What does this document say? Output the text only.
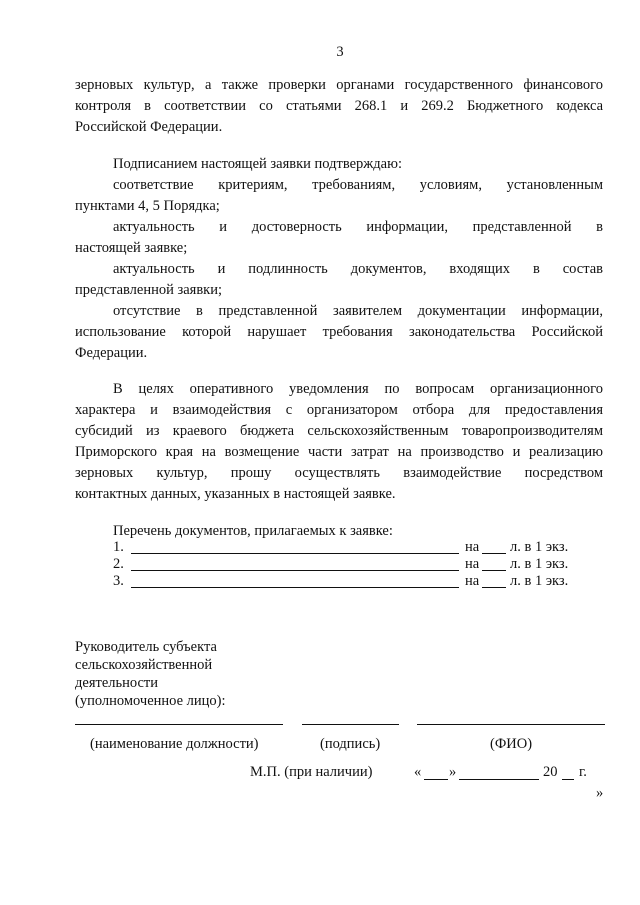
3
зерновых культур, а также проверки органами государственного финансового
контроля в соответствии со статьями 268.1 и 269.2 Бюджетного кодекса
Российской Федерации.
Подписанием настоящей заявки подтверждаю:
соответствие критериям, требованиям, условиям, установленным
пунктами 4, 5 Порядка;
актуальность и достоверность информации, представленной в
настоящей заявке;
актуальность и подлинность документов, входящих в состав
представленной заявки;
отсутствие в представленной заявителем документации информации,
использование которой нарушает требования законодательства Российской
Федерации.
В целях оперативного уведомления по вопросам организационного
характера и взаимодействия с организатором отбора для предоставления
субсидий из краевого бюджета сельскохозяйственным товаропроизводителям
Приморского края на возмещение части затрат на производство и реализацию
зерновых культур, прошу осуществлять взаимодействие посредством
контактных данных, указанных в настоящей заявке.
Перечень документов, прилагаемых к заявке:
1.	на л. в 1 экз.
2.	на л. в 1 экз.
3.	на л. в 1 экз.
Руководитель субъекта
сельскохозяйственной
деятельности
(уполномоченное лицо):
(наименование должности)	(подпись)	(ФИО)
М.П. (при наличии)	« »	20 г.
»
